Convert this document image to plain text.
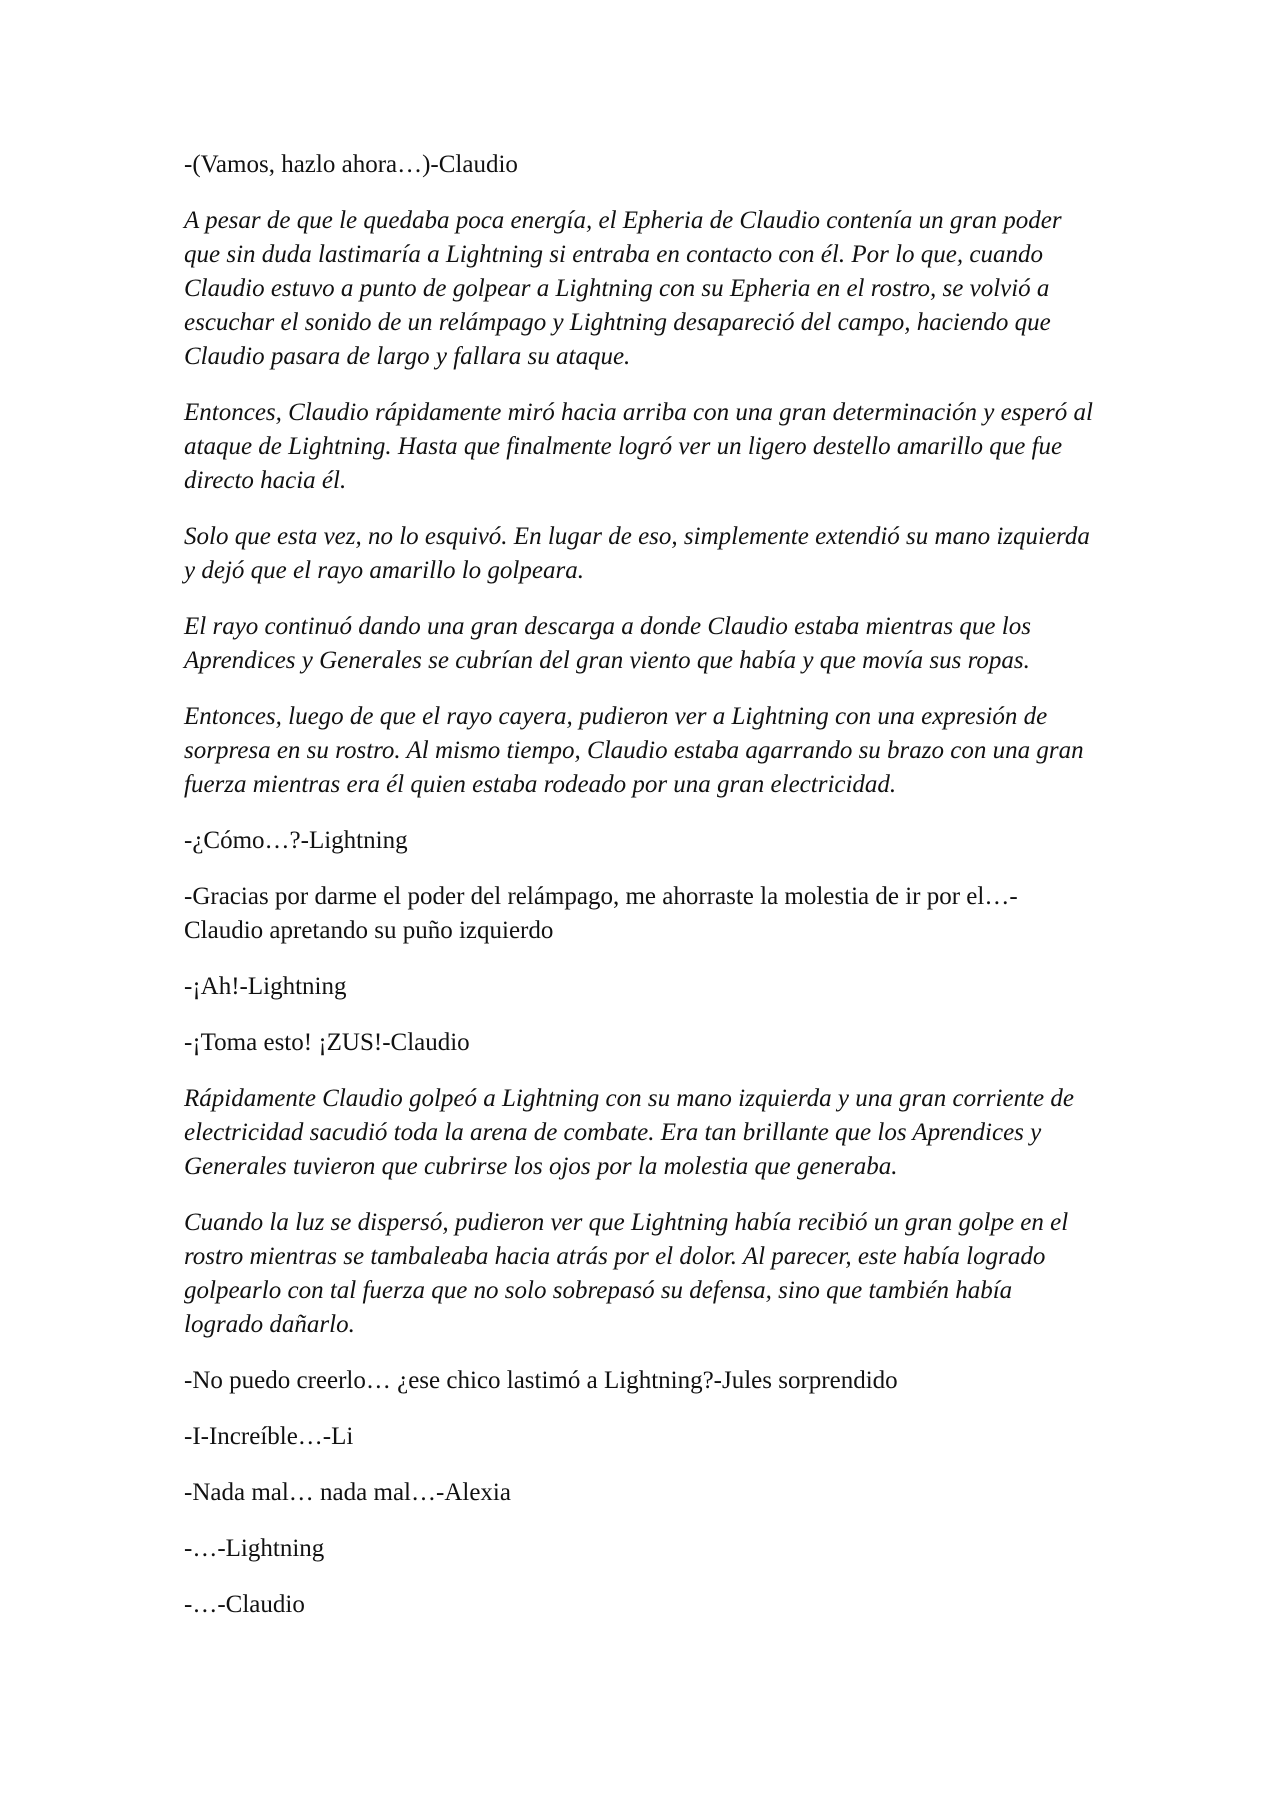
-(Vamos, hazlo ahora…)-Claudio

A pesar de que le quedaba poca energía, el Epheria de Claudio contenía un gran poder que sin duda lastimaría a Lightning si entraba en contacto con él. Por lo que, cuando Claudio estuvo a punto de golpear a Lightning con su Epheria en el rostro, se volvió a escuchar el sonido de un relámpago y Lightning desapareció del campo, haciendo que Claudio pasara de largo y fallara su ataque.

Entonces, Claudio rápidamente miró hacia arriba con una gran determinación y esperó al ataque de Lightning. Hasta que finalmente logró ver un ligero destello amarillo que fue directo hacia él.

Solo que esta vez, no lo esquivó. En lugar de eso, simplemente extendió su mano izquierda y dejó que el rayo amarillo lo golpeara.

El rayo continuó dando una gran descarga a donde Claudio estaba mientras que los Aprendices y Generales se cubrían del gran viento que había y que movía sus ropas.

Entonces, luego de que el rayo cayera, pudieron ver a Lightning con una expresión de sorpresa en su rostro. Al mismo tiempo, Claudio estaba agarrando su brazo con una gran fuerza mientras era él quien estaba rodeado por una gran electricidad.

-¿Cómo…?-Lightning

-Gracias por darme el poder del relámpago, me ahorraste la molestia de ir por el…-Claudio apretando su puño izquierdo

-¡Ah!-Lightning

-¡Toma esto! ¡ZUS!-Claudio

Rápidamente Claudio golpeó a Lightning con su mano izquierda y una gran corriente de electricidad sacudió toda la arena de combate. Era tan brillante que los Aprendices y Generales tuvieron que cubrirse los ojos por la molestia que generaba.

Cuando la luz se dispersó, pudieron ver que Lightning había recibió un gran golpe en el rostro mientras se tambaleaba hacia atrás por el dolor. Al parecer, este había logrado golpearlo con tal fuerza que no solo sobrepasó su defensa, sino que también había logrado dañarlo.

-No puedo creerlo… ¿ese chico lastimó a Lightning?-Jules sorprendido

-I-Increíble…-Li

-Nada mal… nada mal…-Alexia

-…-Lightning

-…-Claudio
